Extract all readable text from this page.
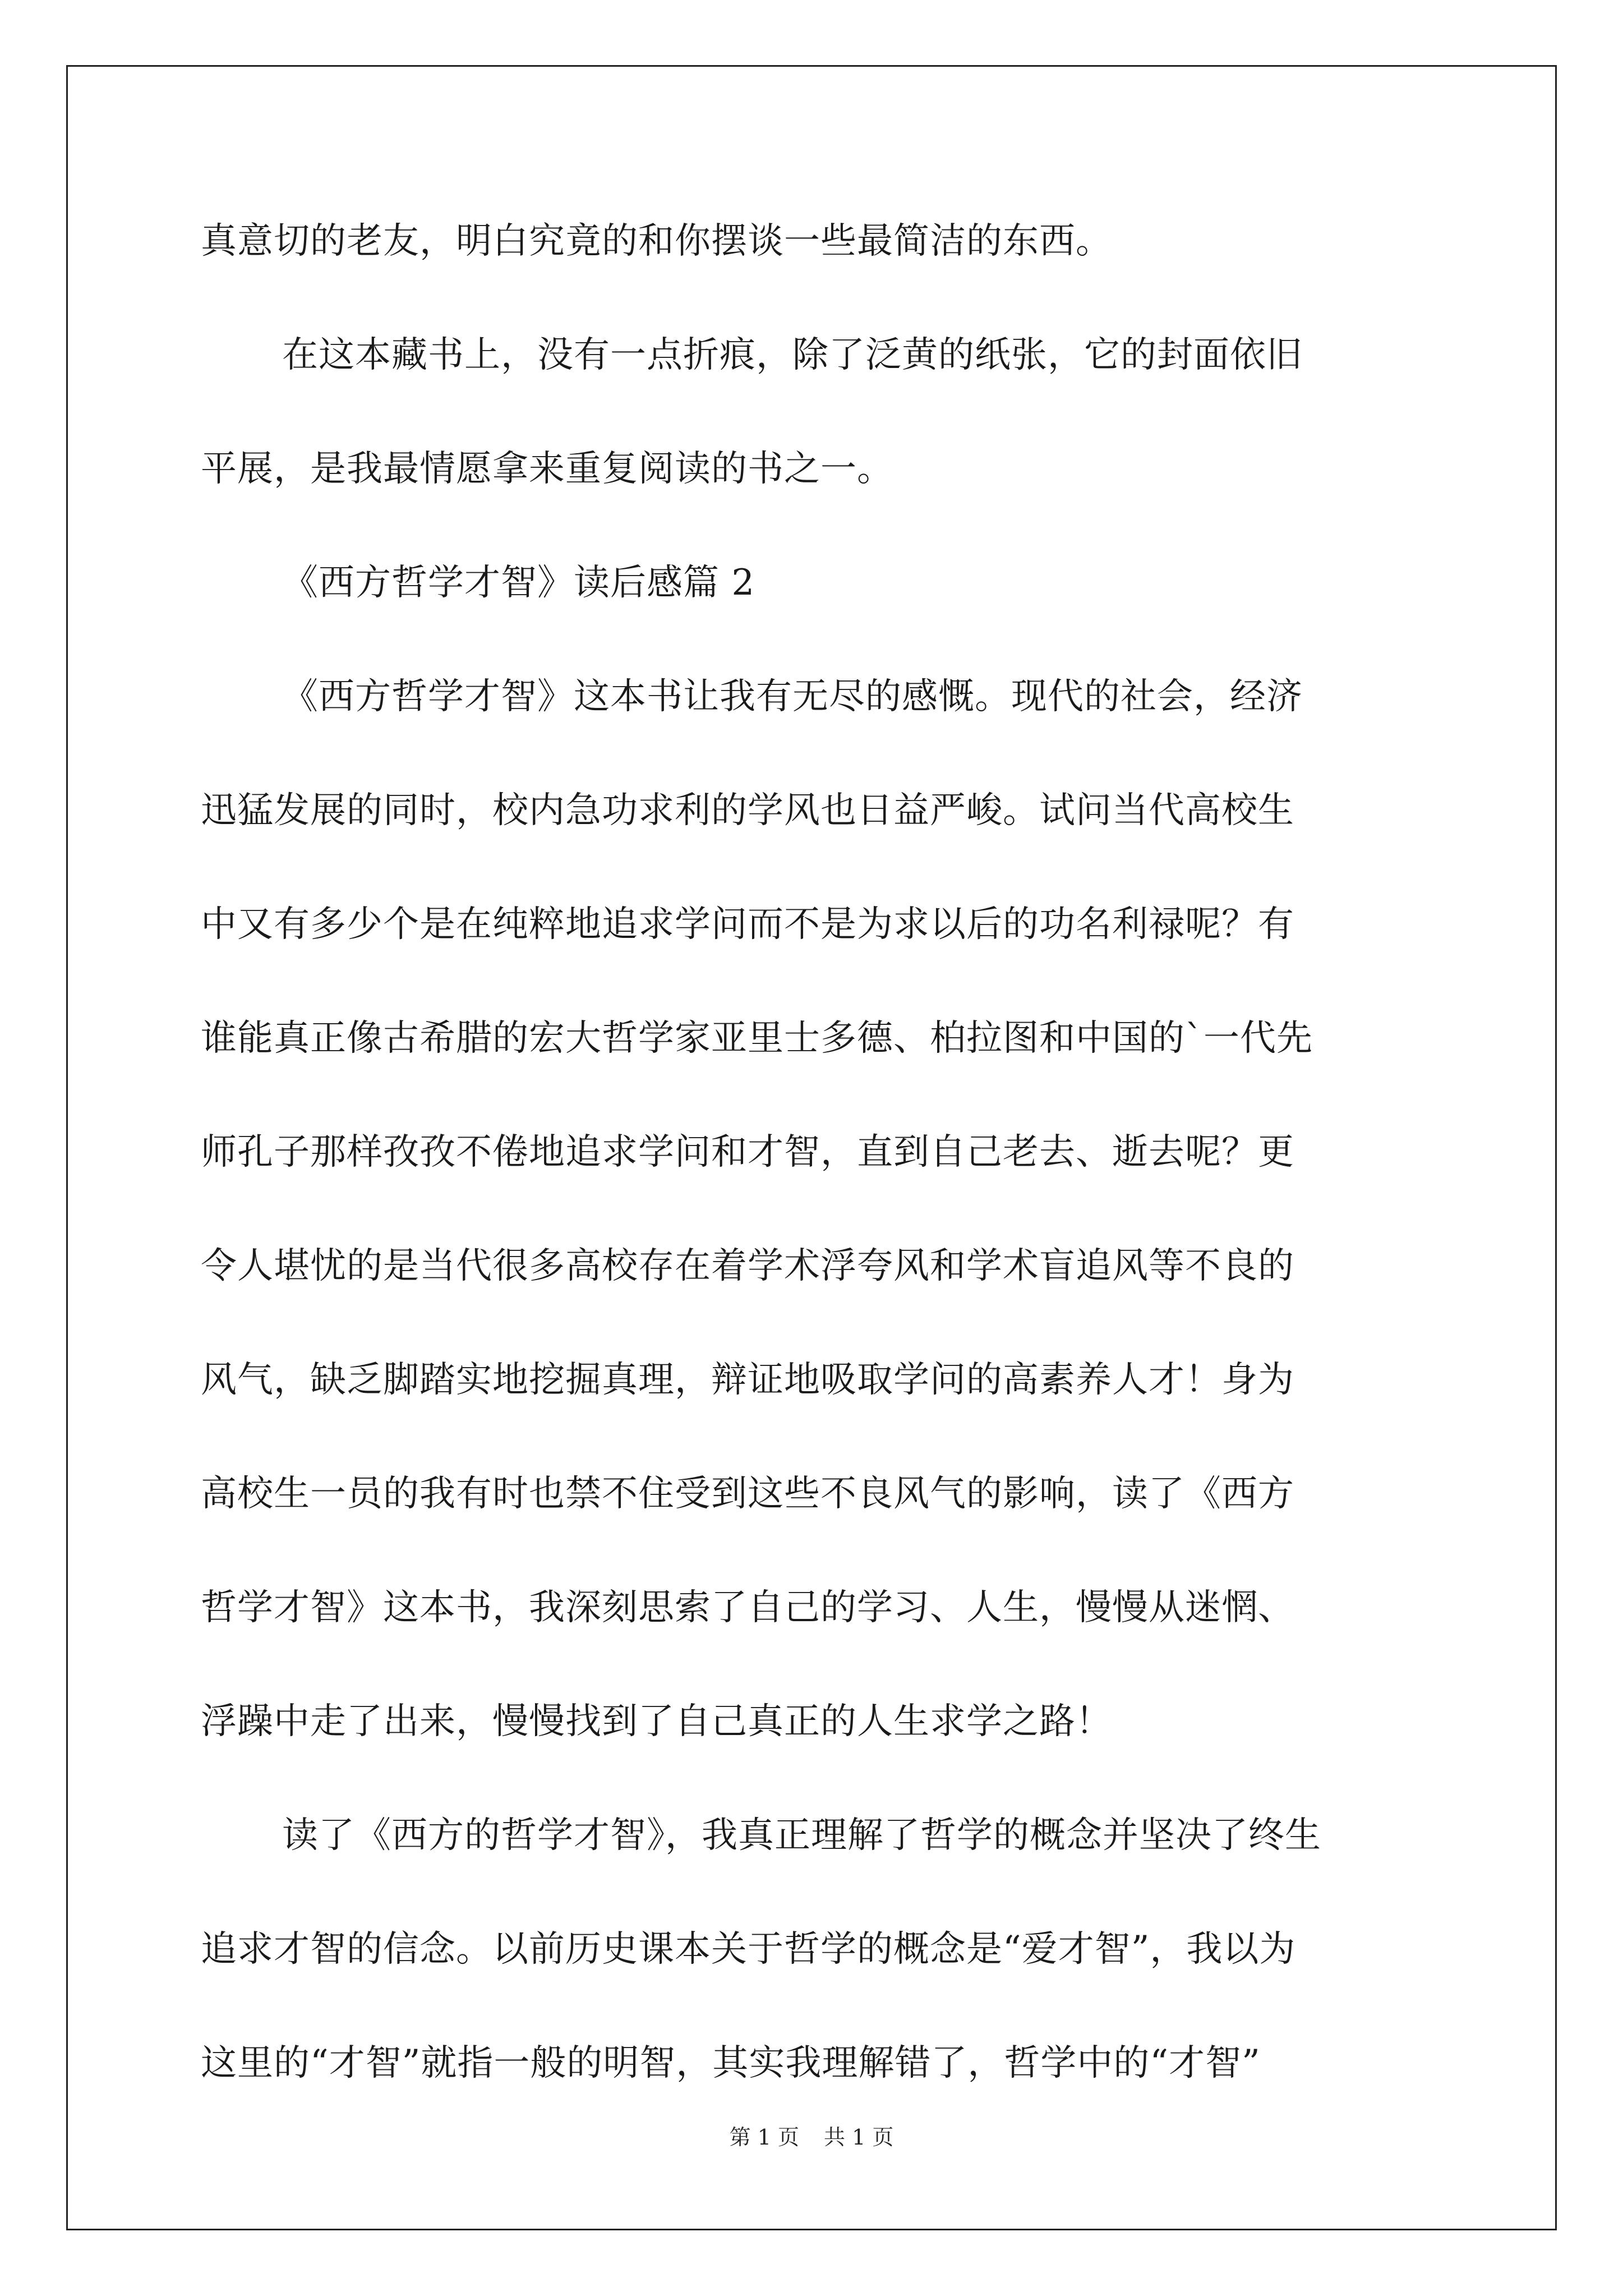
真意切的老友，明白究竟的和你摆谈一些最简洁的东西。
在这本藏书上，没有一点折痕，除了泛黄的纸张，它的封面依旧
平展，是我最情愿拿来重复阅读的书之一。
《西方哲学才智》读后感篇 2
《西方哲学才智》这本书让我有无尽的感慨。现代的社会，经济
迅猛发展的同时，校内急功求利的学风也日益严峻。试问当代高校生
中又有多少个是在纯粹地追求学问而不是为求以后的功名利禄呢？有
谁能真正像古希腊的宏大哲学家亚里士多德、柏拉图和中国的`一代先
师孔子那样孜孜不倦地追求学问和才智，直到自己老去、逝去呢？更
令人堪忧的是当代很多高校存在着学术浮夸风和学术盲追风等不良的
风气，缺乏脚踏实地挖掘真理，辩证地吸取学问的高素养人才！身为
高校生一员的我有时也禁不住受到这些不良风气的影响，读了《西方
哲学才智》这本书，我深刻思索了自己的学习、人生，慢慢从迷惘、
浮躁中走了出来，慢慢找到了自己真正的人生求学之路！
读了《西方的哲学才智》，我真正理解了哲学的概念并坚决了终生
追求才智的信念。以前历史课本关于哲学的概念是“爱才智”，我以为
这里的“才智”就指一般的明智，其实我理解错了，哲学中的“才智”
第 1 页 共 1 页
